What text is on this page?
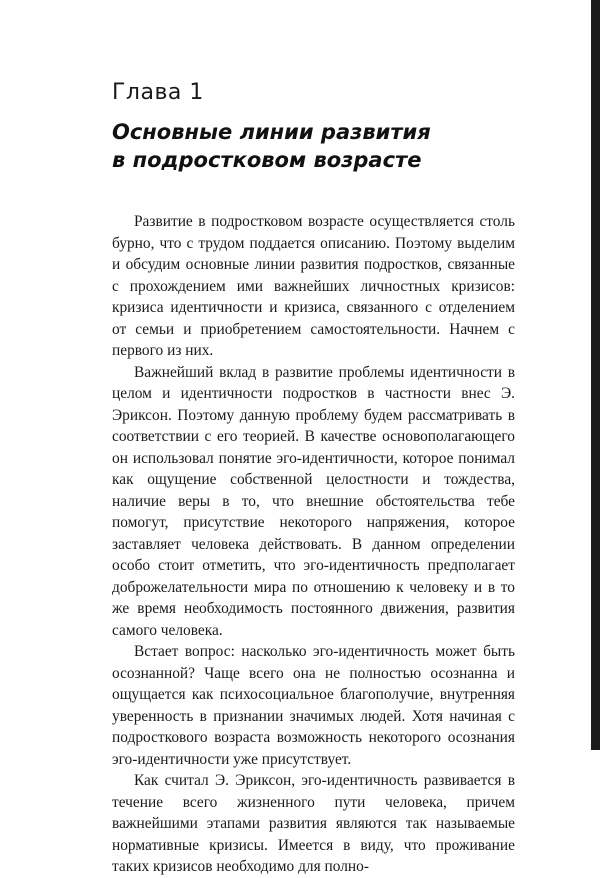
Глава 1
Основные линии развития
в подростковом возрасте

Развитие в подростковом возрасте осуществляется столь бурно, что с трудом поддается описанию. Поэтому выделим и обсудим основные линии развития подростков, связанные с прохождением ими важнейших личностных кризисов: кризиса идентичности и кризиса, связанного с отделением от семьи и приобретением самостоятельности. Начнем с первого из них.

Важнейший вклад в развитие проблемы идентичности в целом и идентичности подростков в частности внес Э. Эриксон. Поэтому данную проблему будем рассматривать в соответствии с его теорией. В качестве основополагающего он использовал понятие эго-идентичности, которое понимал как ощущение собственной целостности и тождества, наличие веры в то, что внешние обстоятельства тебе помогут, присутствие некоторого напряжения, которое заставляет человека действовать. В данном определении особо стоит отметить, что эго-идентичность предполагает доброжелательности мира по отношению к человеку и в то же время необходимость постоянного движения, развития самого человека.

Встает вопрос: насколько эго-идентичность может быть осознанной? Чаще всего она не полностью осознанна и ощущается как психосоциальное благополучие, внутренняя уверенность в признании значимых людей. Хотя начиная с подросткового возраста возможность некоторого осознания эго-идентичности уже присутствует.

Как считал Э. Эриксон, эго-идентичность развивается в течение всего жизненного пути человека, причем важнейшими этапами развития являются так называемые нормативные кризисы. Имеется в виду, что проживание таких кризисов необходимо для полно-
